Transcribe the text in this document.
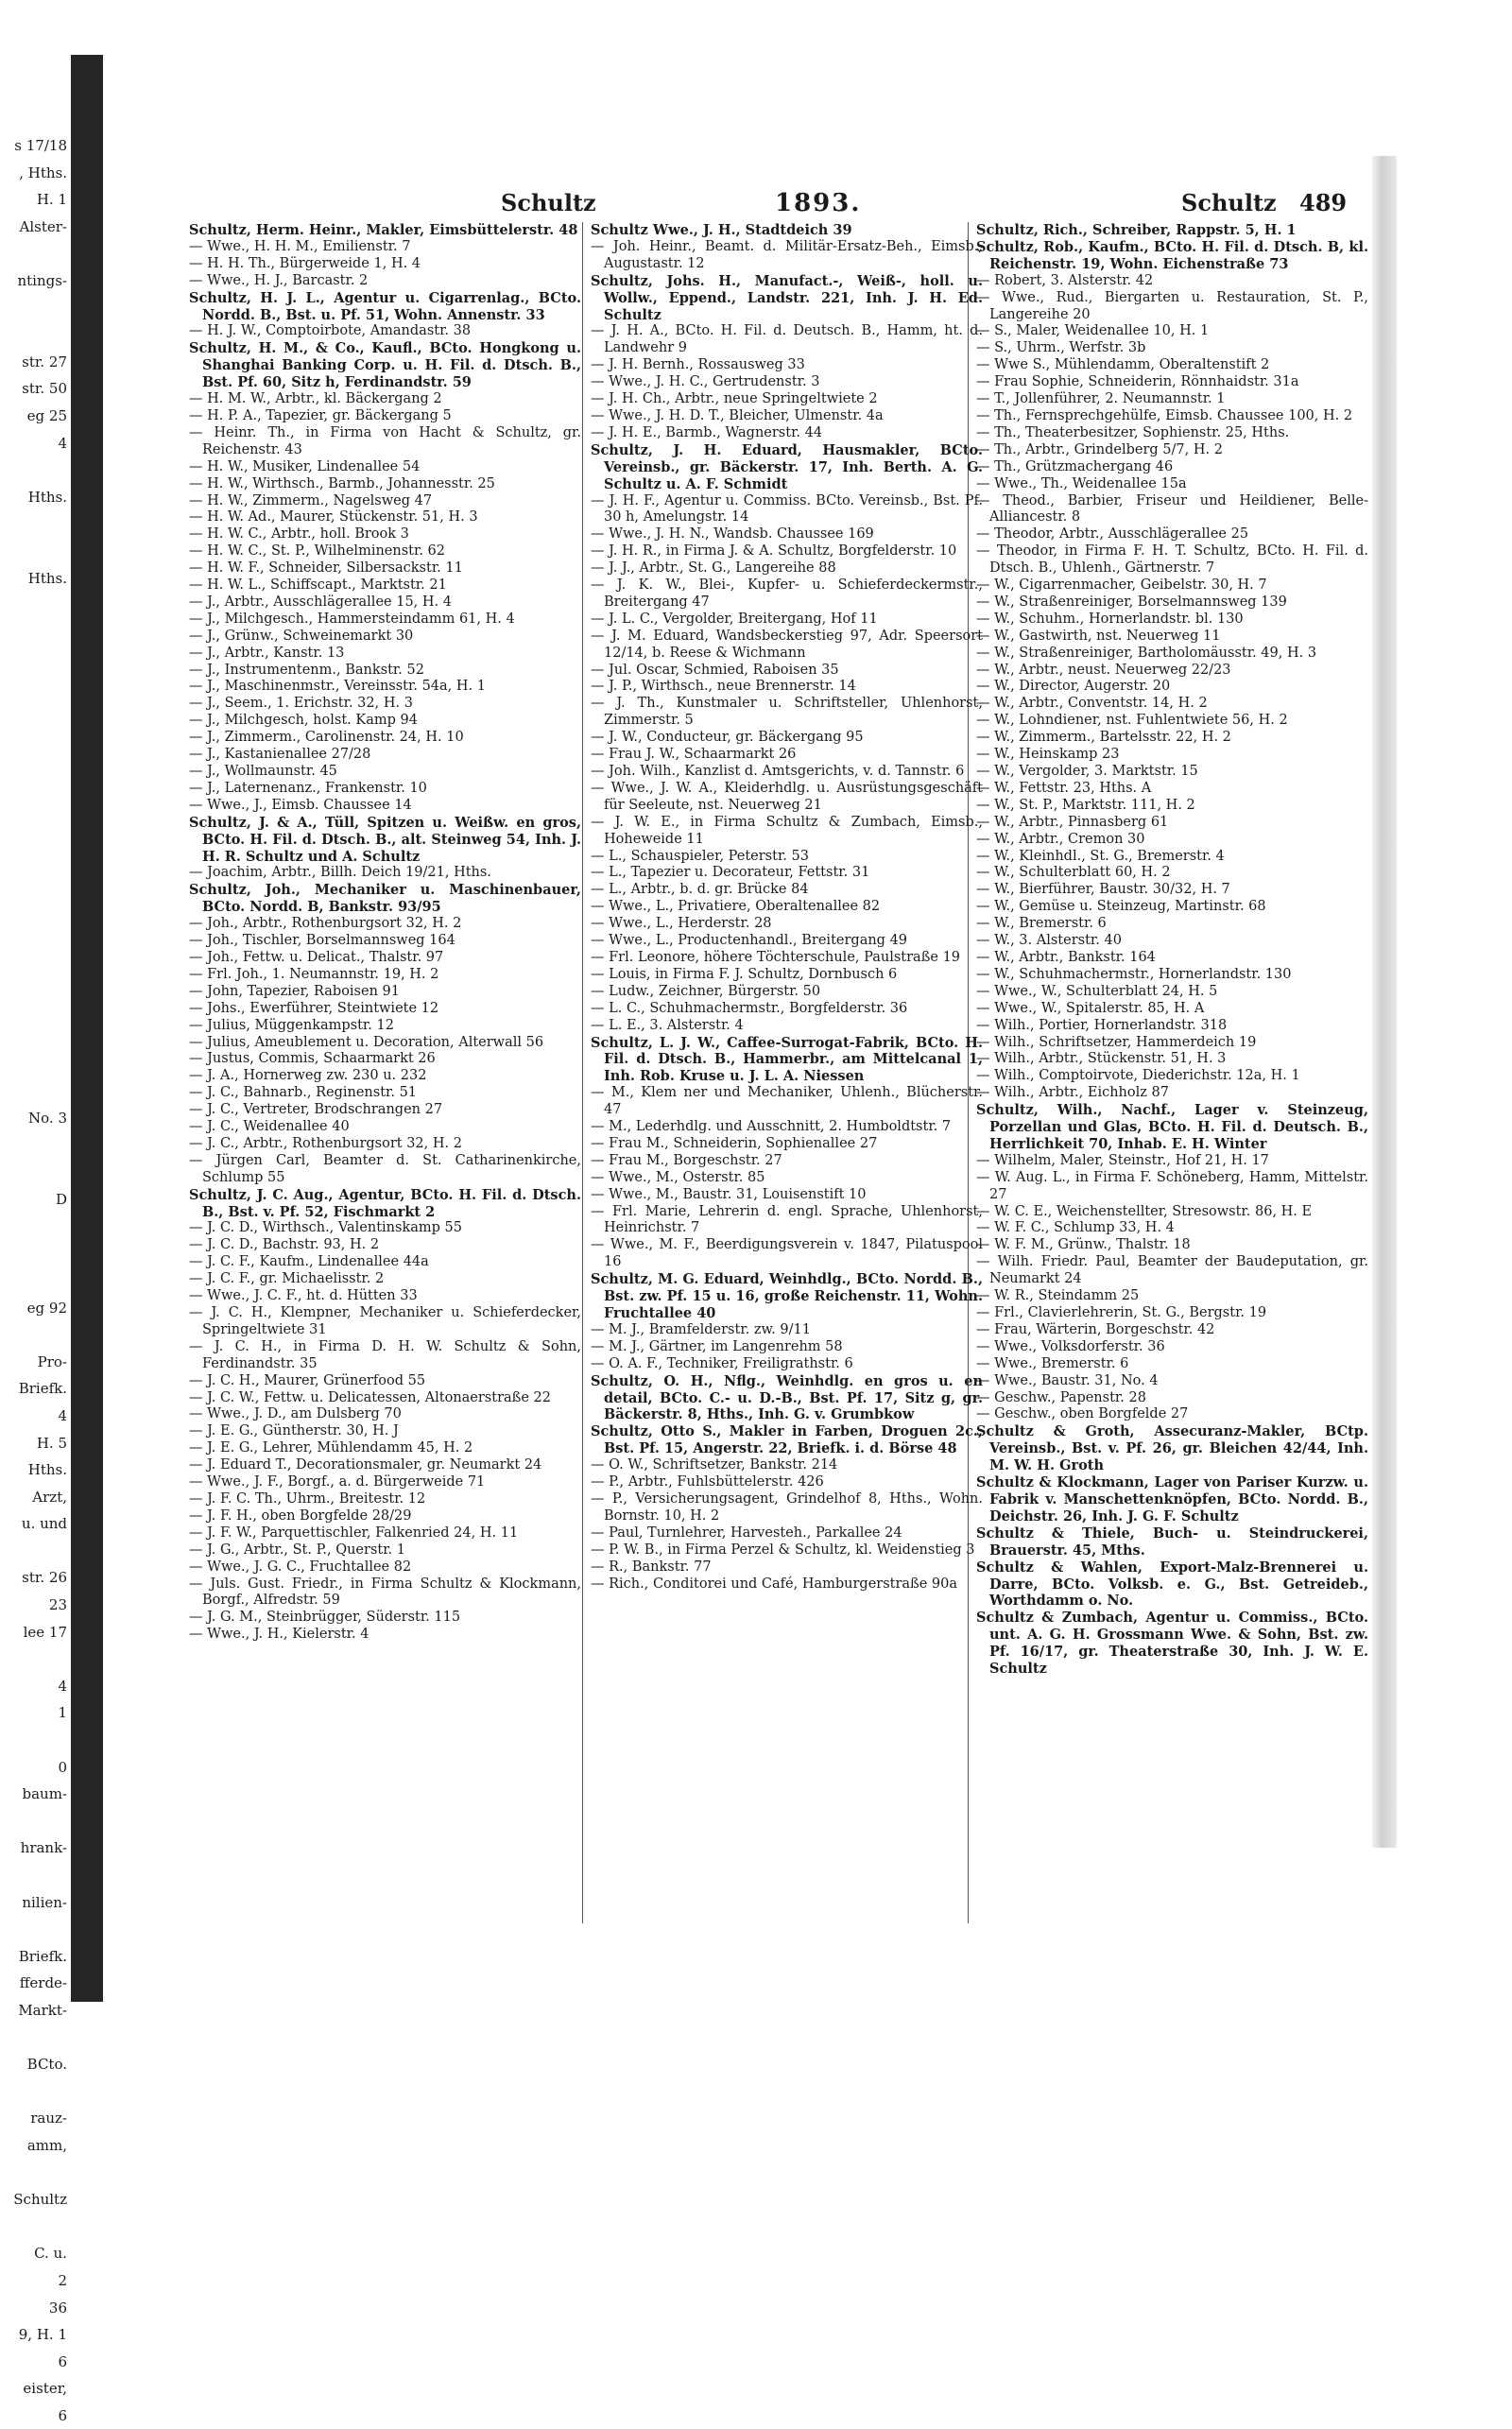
s 17/18
, Hths.
H. 1
Alster-

ntings-

str. 27
str. 50
eg 25
4

Hths.

Hths.

No. 3

D

eg 92

Pro-
Briefk.
4
H. 5
Hths.
Arzt,
u. und

str. 26
23
lee 17

4
1

0
baum-

hrank-

nilien-

Briefk.
fferde-
Markt-

BCto.

rauz-
amm,

Schultz

C. u.
2
36
9, H. 1
6
eister,
6
Schultz	1893.	Schultz 489
Schultz, Herm. Heinr., Makler, Eimsbüttelerstr. 48
— Wwe., H. H. M., Emilienstr. 7
— H. H. Th., Bürgerweide 1, H. 4
— Wwe., H. J., Barcastr. 2
Schultz, H. J. L., Agentur u. Cigarrenlag., BCto. Nordd. B., Bst. u. Pf. 51, Wohn. Annenstr. 33
— H. J. W., Comptoirbote, Amandastr. 38
Schultz, H. M., & Co., Kaufl., BCto. Hongkong u. Shanghai Banking Corp. u. H. Fil. d. Dtsch. B., Bst. Pf. 60, Sitz h, Ferdinandstr. 59
— H. M. W., Arbtr., kl. Bäckergang 2
— H. P. A., Tapezier, gr. Bäckergang 5
— Heinr. Th., in Firma von Hacht & Schultz, gr. Reichenstr. 43
— H. W., Musiker, Lindenallee 54
— H. W., Wirthsch., Barmb., Johannesstr. 25
— H. W., Zimmerm., Nagelsweg 47
— H. W. Ad., Maurer, Stückenstr. 51, H. 3
— H. W. C., Arbtr., holl. Brook 3
— H. W. C., St. P., Wilhelminenstr. 62
— H. W. F., Schneider, Silbersackstr. 11
— H. W. L., Schiffscapt., Marktstr. 21
— J., Arbtr., Ausschlägerallee 15, H. 4
— J., Milchgesch., Hammersteindamm 61, H. 4
— J., Grünw., Schweinemarkt 30
— J., Arbtr., Kanstr. 13
— J., Instrumentenm., Bankstr. 52
— J., Maschinenmstr., Vereinsstr. 54a, H. 1
— J., Seem., 1. Erichstr. 32, H. 3
— J., Milchgesch, holst. Kamp 94
— J., Zimmerm., Carolinenstr. 24, H. 10
— J., Kastanienallee 27/28
— J., Wollmaunstr. 45
— J., Laternenanz., Frankenstr. 10
— Wwe., J., Eimsb. Chaussee 14
Schultz, J. & A., Tüll, Spitzen u. Weißw. en gros, BCto. H. Fil. d. Dtsch. B., alt. Steinweg 54, Inh. J. H. R. Schultz und A. Schultz
— Joachim, Arbtr., Billh. Deich 19/21, Hths.
Schultz, Joh., Mechaniker u. Maschinenbauer, BCto. Nordd. B, Bankstr. 93/95
— Joh., Arbtr., Rothenburgsort 32, H. 2
— Joh., Tischler, Borselmannsweg 164
— Joh., Fettw. u. Delicat., Thalstr. 97
— Frl. Joh., 1. Neumannstr. 19, H. 2
— John, Tapezier, Raboisen 91
— Johs., Ewerführer, Steintwiete 12
— Julius, Müggenkampstr. 12
— Julius, Ameublement u. Decoration, Alterwall 56
— Justus, Commis, Schaarmarkt 26
— J. A., Hornerweg zw. 230 u. 232
— J. C., Bahnarb., Reginenstr. 51
— J. C., Vertreter, Brodschrangen 27
— J. C., Weidenallee 40
— J. C., Arbtr., Rothenburgsort 32, H. 2
— Jürgen Carl, Beamter d. St. Catharinenkirche, Schlump 55
Schultz, J. C. Aug., Agentur, BCto. H. Fil. d. Dtsch. B., Bst. v. Pf. 52, Fischmarkt 2
— J. C. D., Wirthsch., Valentinskamp 55
— J. C. D., Bachstr. 93, H. 2
— J. C. F., Kaufm., Lindenallee 44a
— J. C. F., gr. Michaelisstr. 2
— Wwe., J. C. F., ht. d. Hütten 33
— J. C. H., Klempner, Mechaniker u. Schieferdecker, Springeltwiete 31
— J. C. H., in Firma D. H. W. Schultz & Sohn, Ferdinandstr. 35
— J. C. H., Maurer, Grünerfood 55
— J. C. W., Fettw. u. Delicatessen, Altonaerstraße 22
— Wwe., J. D., am Dulsberg 70
— J. E. G., Güntherstr. 30, H. J
— J. E. G., Lehrer, Mühlendamm 45, H. 2
— J. Eduard T., Decorationsmaler, gr. Neumarkt 24
— Wwe., J. F., Borgf., a. d. Bürgerweide 71
— J. F. C. Th., Uhrm., Breitestr. 12
— J. F. H., oben Borgfelde 28/29
— J. F. W., Parquettischler, Falkenried 24, H. 11
— J. G., Arbtr., St. P., Querstr. 1
— Wwe., J. G. C., Fruchtallee 82
— Juls. Gust. Friedr., in Firma Schultz & Klockmann, Borgf., Alfredstr. 59
— J. G. M., Steinbrügger, Süderstr. 115
— Wwe., J. H., Kielerstr. 4
Schultz Wwe., J. H., Stadtdeich 39
— Joh. Heinr., Beamt. d. Militär-Ersatz-Beh., Eimsb., Augustastr. 12
Schultz, Johs. H., Manufact.-, Weiß-, holl. u. Wollw., Eppend., Landstr. 221, Inh. J. H. Ed. Schultz
— J. H. A., BCto. H. Fil. d. Deutsch. B., Hamm, ht. d. Landwehr 9
— J. H. Bernh., Rossausweg 33
— Wwe., J. H. C., Gertrudenstr. 3
— J. H. Ch., Arbtr., neue Springeltwiete 2
— Wwe., J. H. D. T., Bleicher, Ulmenstr. 4a
— J. H. E., Barmb., Wagnerstr. 44
Schultz, J. H. Eduard, Hausmakler, BCto. Vereinsb., gr. Bäckerstr. 17, Inh. Berth. A. G. Schultz u. A. F. Schmidt
— J. H. F., Agentur u. Commiss. BCto. Vereinsb., Bst. Pf. 30 h, Amelungstr. 14
— Wwe., J. H. N., Wandsb. Chaussee 169
— J. H. R., in Firma J. & A. Schultz, Borgfelderstr. 10
— J. J., Arbtr., St. G., Langereihe 88
— J. K. W., Blei-, Kupfer- u. Schieferdeckermstr., Breitergang 47
— J. L. C., Vergolder, Breitergang, Hof 11
— J. M. Eduard, Wandsbeckerstieg 97, Adr. Speersort 12/14, b. Reese & Wichmann
— Jul. Oscar, Schmied, Raboisen 35
— J. P., Wirthsch., neue Brennerstr. 14
— J. Th., Kunstmaler u. Schriftsteller, Uhlenhorst, Zimmerstr. 5
— J. W., Conducteur, gr. Bäckergang 95
— Frau J. W., Schaarmarkt 26
— Joh. Wilh., Kanzlist d. Amtsgerichts, v. d. Tannstr. 6
— Wwe., J. W. A., Kleiderhdlg. u. Ausrüstungsgeschäft für Seeleute, nst. Neuerweg 21
— J. W. E., in Firma Schultz & Zumbach, Eimsb., Hoheweide 11
— L., Schauspieler, Peterstr. 53
— L., Tapezier u. Decorateur, Fettstr. 31
— L., Arbtr., b. d. gr. Brücke 84
— Wwe., L., Privatiere, Oberaltenallee 82
— Wwe., L., Herderstr. 28
— Wwe., L., Productenhandl., Breitergang 49
— Frl. Leonore, höhere Töchterschule, Paulstraße 19
— Louis, in Firma F. J. Schultz, Dornbusch 6
— Ludw., Zeichner, Bürgerstr. 50
— L. C., Schuhmachermstr., Borgfelderstr. 36
— L. E., 3. Alsterstr. 4
Schultz, L. J. W., Caffee-Surrogat-Fabrik, BCto. H. Fil. d. Dtsch. B., Hammerbr., am Mittelcanal 1, Inh. Rob. Kruse u. J. L. A. Niessen
— M., Klem ner und Mechaniker, Uhlenh., Blücherstr. 47
— M., Lederhdlg. und Ausschnitt, 2. Humboldtstr. 7
— Frau M., Schneiderin, Sophienallee 27
— Frau M., Borgeschstr. 27
— Wwe., M., Osterstr. 85
— Wwe., M., Baustr. 31, Louisenstift 10
— Frl. Marie, Lehrerin d. engl. Sprache, Uhlenhorst, Heinrichstr. 7
— Wwe., M. F., Beerdigungsverein v. 1847, Pilatuspool 16
Schultz, M. G. Eduard, Weinhdlg., BCto. Nordd. B., Bst. zw. Pf. 15 u. 16, große Reichenstr. 11, Wohn. Fruchtallee 40
— M. J., Bramfelderstr. zw. 9/11
— M. J., Gärtner, im Langenrehm 58
— O. A. F., Techniker, Freiligrathstr. 6
Schultz, O. H., Nflg., Weinhdlg. en gros u. en detail, BCto. C.- u. D.-B., Bst. Pf. 17, Sitz g, gr. Bäckerstr. 8, Hths., Inh. G. v. Grumbkow
Schultz, Otto S., Makler in Farben, Droguen 2c., Bst. Pf. 15, Angerstr. 22, Briefk. i. d. Börse 48
— O. W., Schriftsetzer, Bankstr. 214
— P., Arbtr., Fuhlsbüttelerstr. 426
— P., Versicherungsagent, Grindelhof 8, Hths., Wohn. Bornstr. 10, H. 2
— Paul, Turnlehrer, Harvesteh., Parkallee 24
— P. W. B., in Firma Perzel & Schultz, kl. Weidenstieg 3
— R., Bankstr. 77
— Rich., Conditorei und Café, Hamburgerstraße 90a
Schultz, Rich., Schreiber, Rappstr. 5, H. 1
Schultz, Rob., Kaufm., BCto. H. Fil. d. Dtsch. B, kl. Reichenstr. 19, Wohn. Eichenstraße 73
— Robert, 3. Alsterstr. 42
— Wwe., Rud., Biergarten u. Restauration, St. P., Langereihe 20
— S., Maler, Weidenallee 10, H. 1
— S., Uhrm., Werfstr. 3b
— Wwe S., Mühlendamm, Oberaltenstift 2
— Frau Sophie, Schneiderin, Rönnhaidstr. 31a
— T., Jollenführer, 2. Neumannstr. 1
— Th., Fernsprechgehülfe, Eimsb. Chaussee 100, H. 2
— Th., Theaterbesitzer, Sophienstr. 25, Hths.
— Th., Arbtr., Grindelberg 5/7, H. 2
— Th., Grützmachergang 46
— Wwe., Th., Weidenallee 15a
— Theod., Barbier, Friseur und Heildiener, Belle-Alliancestr. 8
— Theodor, Arbtr., Ausschlägerallee 25
— Theodor, in Firma F. H. T. Schultz, BCto. H. Fil. d. Dtsch. B., Uhlenh., Gärtnerstr. 7
— W., Cigarrenmacher, Geibelstr. 30, H. 7
— W., Straßenreiniger, Borselmannsweg 139
— W., Schuhm., Hornerlandstr. bl. 130
— W., Gastwirth, nst. Neuerweg 11
— W., Straßenreiniger, Bartholomäusstr. 49, H. 3
— W., Arbtr., neust. Neuerweg 22/23
— W., Director, Augerstr. 20
— W., Arbtr., Conventstr. 14, H. 2
— W., Lohndiener, nst. Fuhlentwiete 56, H. 2
— W., Zimmerm., Bartelsstr. 22, H. 2
— W., Heinskamp 23
— W., Vergolder, 3. Marktstr. 15
— W., Fettstr. 23, Hths. A
— W., St. P., Marktstr. 111, H. 2
— W., Arbtr., Pinnasberg 61
— W., Arbtr., Cremon 30
— W., Kleinhdl., St. G., Bremerstr. 4
— W., Schulterblatt 60, H. 2
— W., Bierführer, Baustr. 30/32, H. 7
— W., Gemüse u. Steinzeug, Martinstr. 68
— W., Bremerstr. 6
— W., 3. Alsterstr. 40
— W., Arbtr., Bankstr. 164
— W., Schuhmachermstr., Hornerlandstr. 130
— Wwe., W., Schulterblatt 24, H. 5
— Wwe., W., Spitalerstr. 85, H. A
— Wilh., Portier, Hornerlandstr. 318
— Wilh., Schriftsetzer, Hammerdeich 19
— Wilh., Arbtr., Stückenstr. 51, H. 3
— Wilh., Comptoirvote, Diederichstr. 12a, H. 1
— Wilh., Arbtr., Eichholz 87
Schultz, Wilh., Nachf., Lager v. Steinzeug, Porzellan und Glas, BCto. H. Fil. d. Deutsch. B., Herrlichkeit 70, Inhab. E. H. Winter
— Wilhelm, Maler, Steinstr., Hof 21, H. 17
— W. Aug. L., in Firma F. Schöneberg, Hamm, Mittelstr. 27
— W. C. E., Weichenstellter, Stresowstr. 86, H. E
— W. F. C., Schlump 33, H. 4
— W. F. M., Grünw., Thalstr. 18
— Wilh. Friedr. Paul, Beamter der Baudeputation, gr. Neumarkt 24
— W. R., Steindamm 25
— Frl., Clavierlehrerin, St. G., Bergstr. 19
— Frau, Wärterin, Borgeschstr. 42
— Wwe., Volksdorferstr. 36
— Wwe., Bremerstr. 6
— Wwe., Baustr. 31, No. 4
— Geschw., Papenstr. 28
— Geschw., oben Borgfelde 27
Schultz & Groth, Assecuranz-Makler, BCtp. Vereinsb., Bst. v. Pf. 26, gr. Bleichen 42/44, Inh. M. W. H. Groth
Schultz & Klockmann, Lager von Pariser Kurzw. u. Fabrik v. Manschettenknöpfen, BCto. Nordd. B., Deichstr. 26, Inh. J. G. F. Schultz
Schultz & Thiele, Buch- u. Steindruckerei, Brauerstr. 45, Mths.
Schultz & Wahlen, Export-Malz-Brennerei u. Darre, BCto. Volksb. e. G., Bst. Getreideb., Worthdamm o. No.
Schultz & Zumbach, Agentur u. Commiss., BCto. unt. A. G. H. Grossmann Wwe. & Sohn, Bst. zw. Pf. 16/17, gr. Theaterstraße 30, Inh. J. W. E. Schultz
